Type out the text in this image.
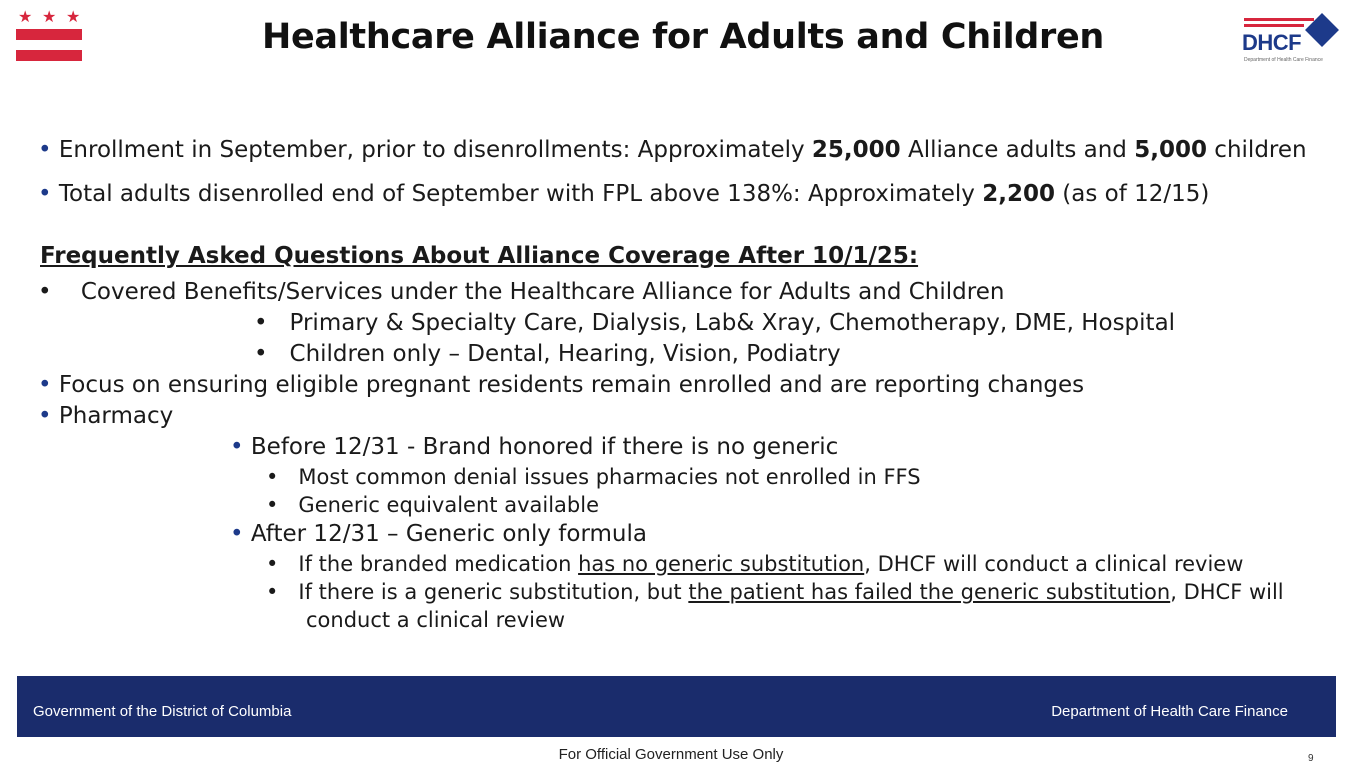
★ ★ ★	Healthcare Alliance for Adults and Children	DHCF
Department of Health Care Finance
• Enrollment in September, prior to disenrollments: Approximately 25,000 Alliance adults and 5,000 children
• Total adults disenrolled end of September with FPL above 138%: Approximately 2,200 (as of 12/15)
Frequently Asked Questions About Alliance Coverage After 10/1/25:
• Covered Benefits/Services under the Healthcare Alliance for Adults and Children
• Primary & Specialty Care, Dialysis, Lab& Xray, Chemotherapy, DME, Hospital
• Children only – Dental, Hearing, Vision, Podiatry
• Focus on ensuring eligible pregnant residents remain enrolled and are reporting changes
• Pharmacy
• Before 12/31 - Brand honored if there is no generic
• Most common denial issues pharmacies not enrolled in FFS
• Generic equivalent available
• After 12/31 – Generic only formula
• If the branded medication has no generic substitution, DHCF will conduct a clinical review
• If there is a generic substitution, but the patient has failed the generic substitution, DHCF will
conduct a clinical review
Government of the District of Columbia	Department of Health Care Finance
For Official Government Use Only	9
